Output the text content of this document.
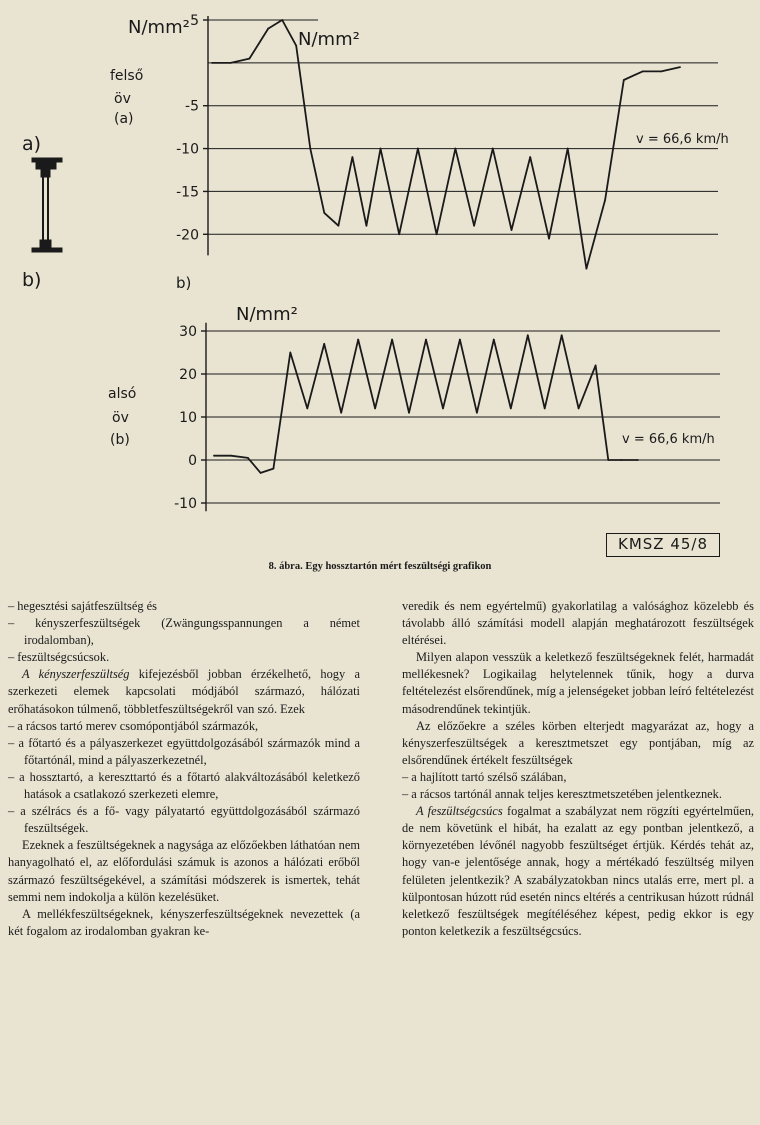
a)
b)
N/mm²
N/mm²
felső
öv
(a)
v = 66,6 km/h
b)
5
-5
-10
-15
-20
N/mm²
alsó
öv
(b)	v = 66,6 km/h
30
20
10
0
-10
KMSZ 45/8
8. ábra. Egy hossztartón mért feszültségi grafikon

– hegesztési sajátfeszültség és

– kényszerfeszültségek (Zwängungsspannungen a német irodalomban),

– feszültségcsúcsok.

A kényszerfeszültség kifejezésből jobban érzékelhető, hogy a szerkezeti elemek kapcsolati módjából származó, hálózati erőhatásokon túlmenő, többletfeszültségekről van szó. Ezek

– a rácsos tartó merev csomópontjából származók,

– a főtartó és a pályaszerkezet együttdolgozásából származók mind a főtartónál, mind a pályaszerkezetnél,

– a hossztartó, a kereszttartó és a főtartó alakváltozásából keletkező hatások a csatlakozó szerkezeti elemre,

– a szélrács és a fő- vagy pályatartó együttdolgozásából származó feszültségek.

Ezeknek a feszültségeknek a nagysága az előzőekben láthatóan nem hanyagolható el, az előfordulási számuk is azonos a hálózati erőből származó feszültségekével, a számítási módszerek is ismertek, tehát semmi nem indokolja a külön kezelésüket.

A mellékfeszültségeknek, kényszerfeszültségeknek nevezettek (a két fogalom az irodalomban gyakran ke-

veredik és nem egyértelmű) gyakorlatilag a valósághoz közelebb és távolabb álló számítási modell alapján meghatározott feszültségek eltérései.

Milyen alapon vesszük a keletkező feszültségeknek felét, harmadát mellékesnek? Logikailag helytelennek tűnik, hogy a durva feltételezést elsőrendűnek, míg a jelenségeket jobban leíró feltételezést másodrendűnek tekintjük.

Az előzőekre a széles körben elterjedt magyarázat az, hogy a kényszerfeszültségek a keresztmetszet egy pontjában, míg az elsőrendűnek értékelt feszültségek

– a hajlított tartó szélső szálában,

– a rácsos tartónál annak teljes keresztmetszetében jelentkeznek.

A feszültségcsúcs fogalmat a szabályzat nem rögzíti egyértelműen, de nem követünk el hibát, ha ezalatt az egy pontban jelentkező, a környezetében lévőnél nagyobb feszültséget értjük. Kérdés tehát az, hogy van-e jelentősége annak, hogy a mértékadó feszültség milyen felületen jelentkezik? A szabályzatokban nincs utalás erre, mert pl. a külpontosan húzott rúd esetén nincs eltérés a centrikusan húzott rúdnál keletkező feszültségek megítéléséhez képest, pedig ekkor is egy ponton keletkezik a feszültségcsúcs.
